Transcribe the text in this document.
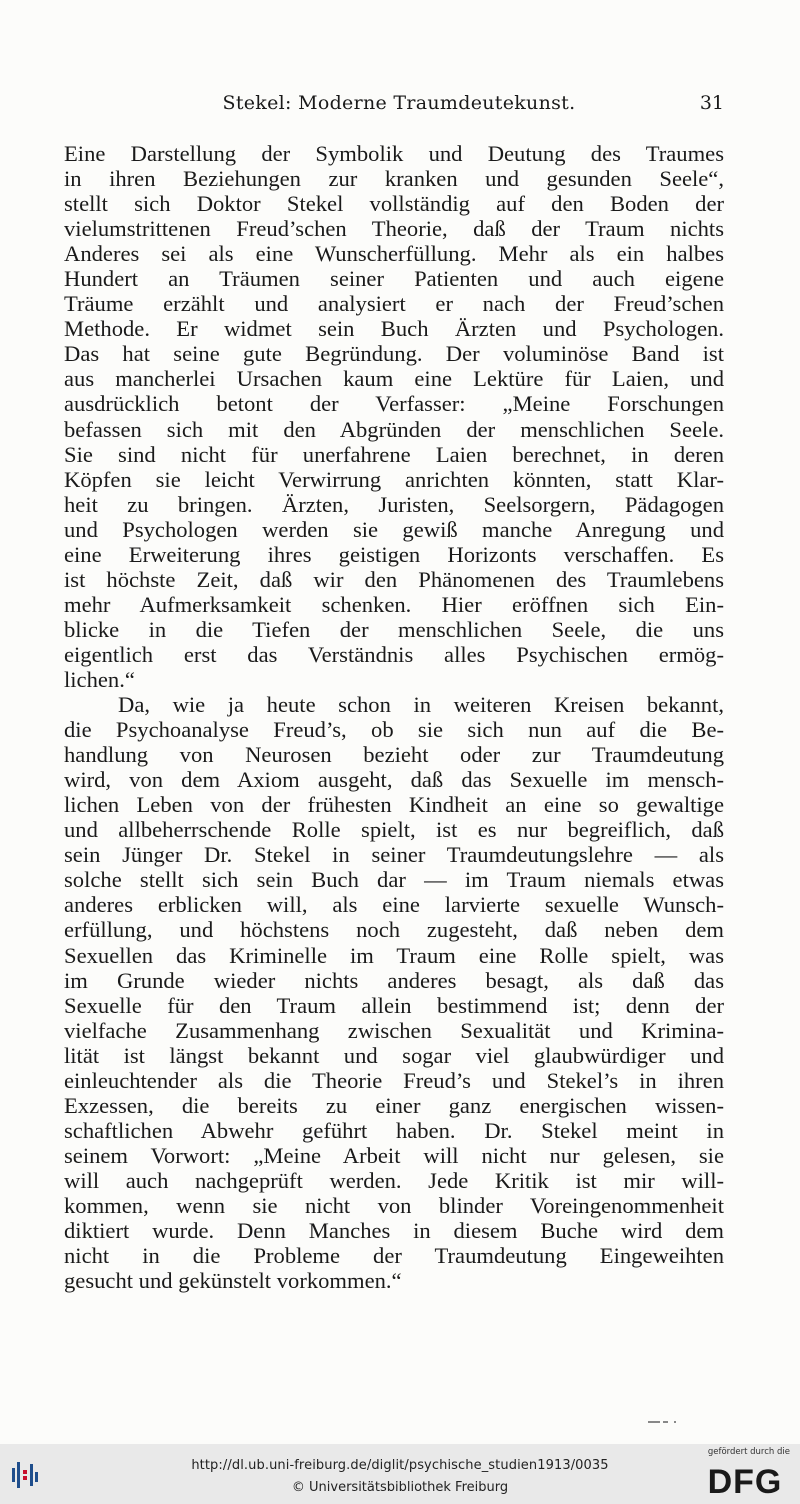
Stekel: Moderne Traumdeutekunst.	31

Eine Darstellung der Symbolik und Deutung des Traumes
in ihren Beziehungen zur kranken und gesunden Seele“,
stellt sich Doktor Stekel vollständig auf den Boden der
vielumstrittenen Freud’schen Theorie, daß der Traum nichts
Anderes sei als eine Wunscherfüllung. Mehr als ein halbes
Hundert an Träumen seiner Patienten und auch eigene
Träume erzählt und analysiert er nach der Freud’schen
Methode. Er widmet sein Buch Ärzten und Psychologen.
Das hat seine gute Begründung. Der voluminöse Band ist
aus mancherlei Ursachen kaum eine Lektüre für Laien, und
ausdrücklich betont der Verfasser: „Meine Forschungen
befassen sich mit den Abgründen der menschlichen Seele.
Sie sind nicht für unerfahrene Laien berechnet, in deren
Köpfen sie leicht Verwirrung anrichten könnten, statt Klar-
heit zu bringen. Ärzten, Juristen, Seelsorgern, Pädagogen
und Psychologen werden sie gewiß manche Anregung und
eine Erweiterung ihres geistigen Horizonts verschaffen. Es
ist höchste Zeit, daß wir den Phänomenen des Traumlebens
mehr Aufmerksamkeit schenken. Hier eröffnen sich Ein-
blicke in die Tiefen der menschlichen Seele, die uns
eigentlich erst das Verständnis alles Psychischen ermög-
lichen.“

Da, wie ja heute schon in weiteren Kreisen bekannt,
die Psychoanalyse Freud’s, ob sie sich nun auf die Be-
handlung von Neurosen bezieht oder zur Traumdeutung
wird, von dem Axiom ausgeht, daß das Sexuelle im mensch-
lichen Leben von der frühesten Kindheit an eine so gewaltige
und allbeherrschende Rolle spielt, ist es nur begreiflich, daß
sein Jünger Dr. Stekel in seiner Traumdeutungslehre — als
solche stellt sich sein Buch dar — im Traum niemals etwas
anderes erblicken will, als eine larvierte sexuelle Wunsch-
erfüllung, und höchstens noch zugesteht, daß neben dem
Sexuellen das Kriminelle im Traum eine Rolle spielt, was
im Grunde wieder nichts anderes besagt, als daß das
Sexuelle für den Traum allein bestimmend ist; denn der
vielfache Zusammenhang zwischen Sexualität und Krimina-
lität ist längst bekannt und sogar viel glaubwürdiger und
einleuchtender als die Theorie Freud’s und Stekel’s in ihren
Exzessen, die bereits zu einer ganz energischen wissen-
schaftlichen Abwehr geführt haben. Dr. Stekel meint in
seinem Vorwort: „Meine Arbeit will nicht nur gelesen, sie
will auch nachgeprüft werden. Jede Kritik ist mir will-
kommen, wenn sie nicht von blinder Voreingenommenheit
diktiert wurde. Denn Manches in diesem Buche wird dem
nicht in die Probleme der Traumdeutung Eingeweihten
gesucht und gekünstelt vorkommen.“

http://dl.ub.uni-freiburg.de/diglit/psychische_studien1913/0035
© Universitätsbibliothek Freiburg
gefördert durch die
DFG
